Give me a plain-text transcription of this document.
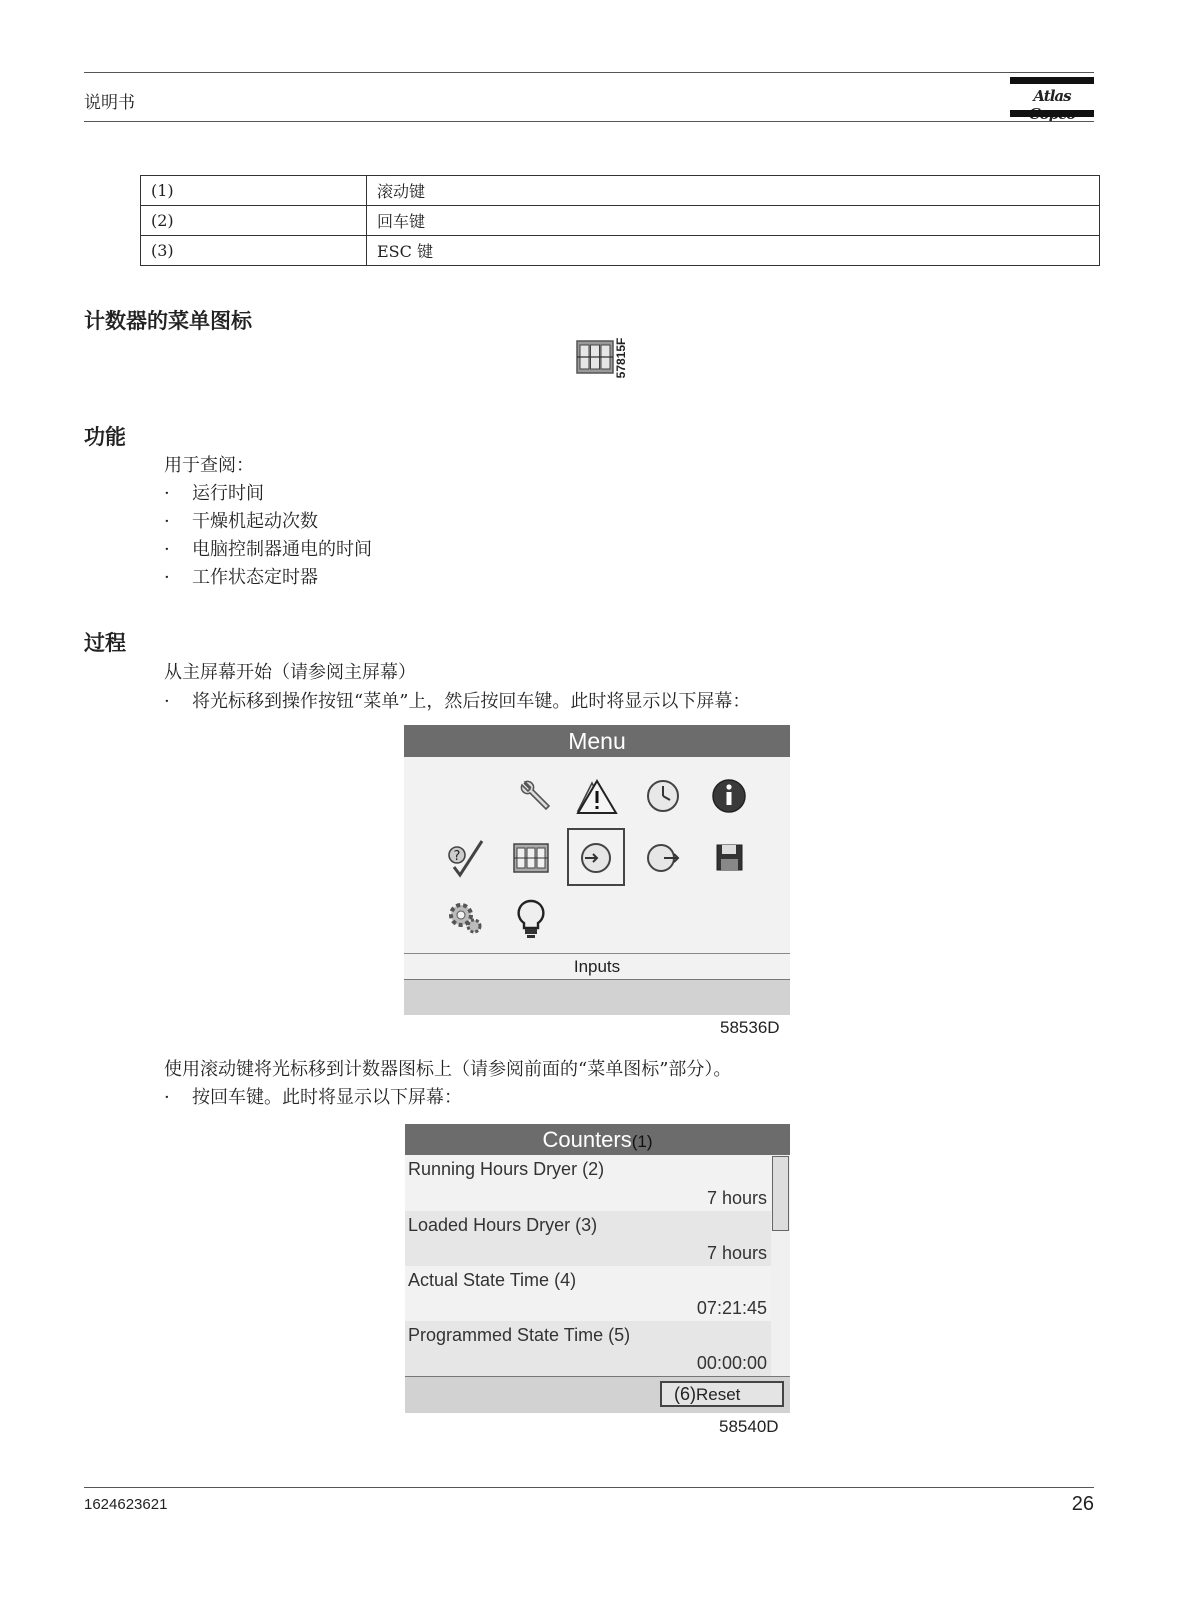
说明书	Atlas
(1)	滚动键
(2)	回车键
(3)	ESC 键
计数器的菜单图标
57815F
功能
用于查阅：
· 运行时间
· 干燥机起动次数
· 电脑控制器通电的时间
· 工作状态定时器
过程
从主屏幕开始（请参阅主屏幕）
· 将光标移到操作按钮“菜单”上，然后按回车键。此时将显示以下屏幕：
Menu
?
Inputs
58536D
使用滚动键将光标移到计数器图标上（请参阅前面的“菜单图标”部分）。
· 按回车键。此时将显示以下屏幕：
Counters(1)
Running Hours Dryer (2)
7 hours
Loaded Hours Dryer (3)
7 hours
Actual State Time (4)
07:21:45
Programmed State Time (5)
00:00:00
(6)Reset
58540D
1624623621	26
